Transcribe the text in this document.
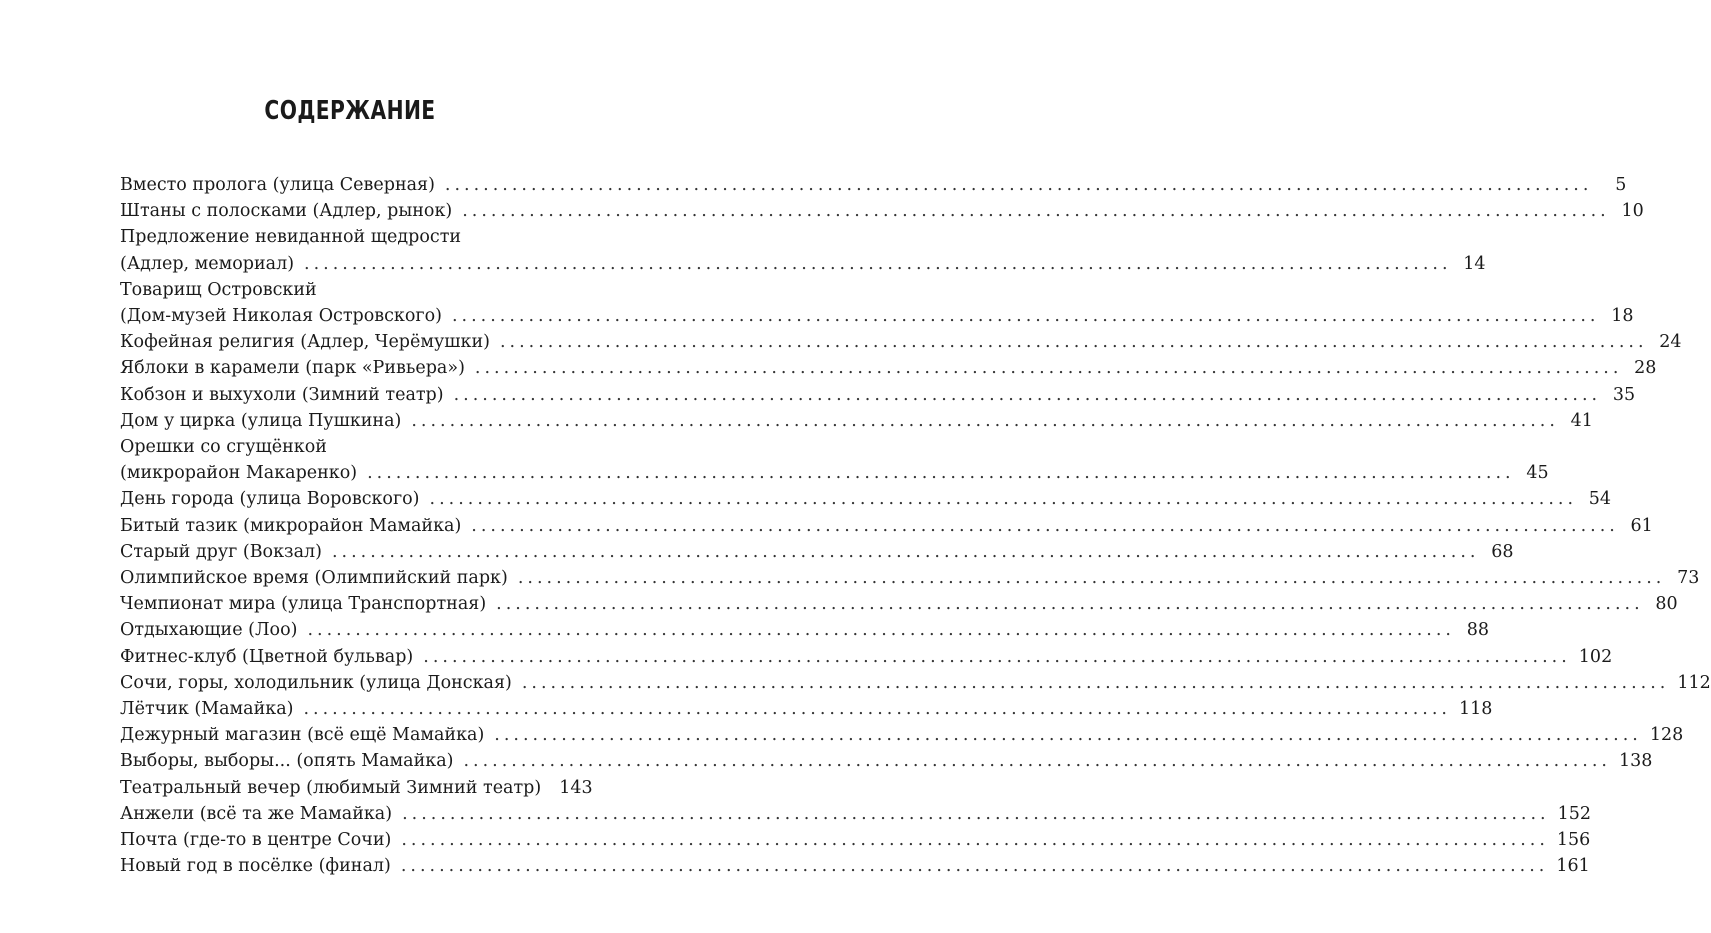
СОДЕРЖАНИЕ
Вместо пролога (улица Северная) ........................................................................................................................	5
Штаны с полосками (Адлер, рынок) ........................................................................................................................ 10
Предложение невиданной щедрости
(Адлер, мемориал) ........................................................................................................................ 14
Товарищ Островский
(Дом-музей Николая Островского) ........................................................................................................................ 18
Кофейная религия (Адлер, Черёмушки) ........................................................................................................................ 24
Яблоки в карамели (парк «Ривьера») ........................................................................................................................ 28
Кобзон и выхухоли (Зимний театр) ........................................................................................................................ 35
Дом у цирка (улица Пушкина) ........................................................................................................................ 41
Орешки со сгущёнкой
(микрорайон Макаренко) ........................................................................................................................ 45
День города (улица Воровского) ........................................................................................................................ 54
Битый тазик (микрорайон Мамайка) ........................................................................................................................ 61
Старый друг (Вокзал) ........................................................................................................................ 68
Олимпийское время (Олимпийский парк) ........................................................................................................................ 73
Чемпионат мира (улица Транспортная) ........................................................................................................................ 80
Отдыхающие (Лоо) ........................................................................................................................ 88
Фитнес-клуб (Цветной бульвар) ........................................................................................................................ 102
Сочи, горы, холодильник (улица Донская) ........................................................................................................................ 112
Лётчик (Мамайка) ........................................................................................................................ 118
Дежурный магазин (всё ещё Мамайка) ........................................................................................................................ 128
Выборы, выборы... (опять Мамайка) ........................................................................................................................ 138
Театральный вечер (любимый Зимний театр) 143
Анжели (всё та же Мамайка) ........................................................................................................................ 152
Почта (где-то в центре Сочи) ........................................................................................................................ 156
Новый год в посёлке (финал) ........................................................................................................................ 161
